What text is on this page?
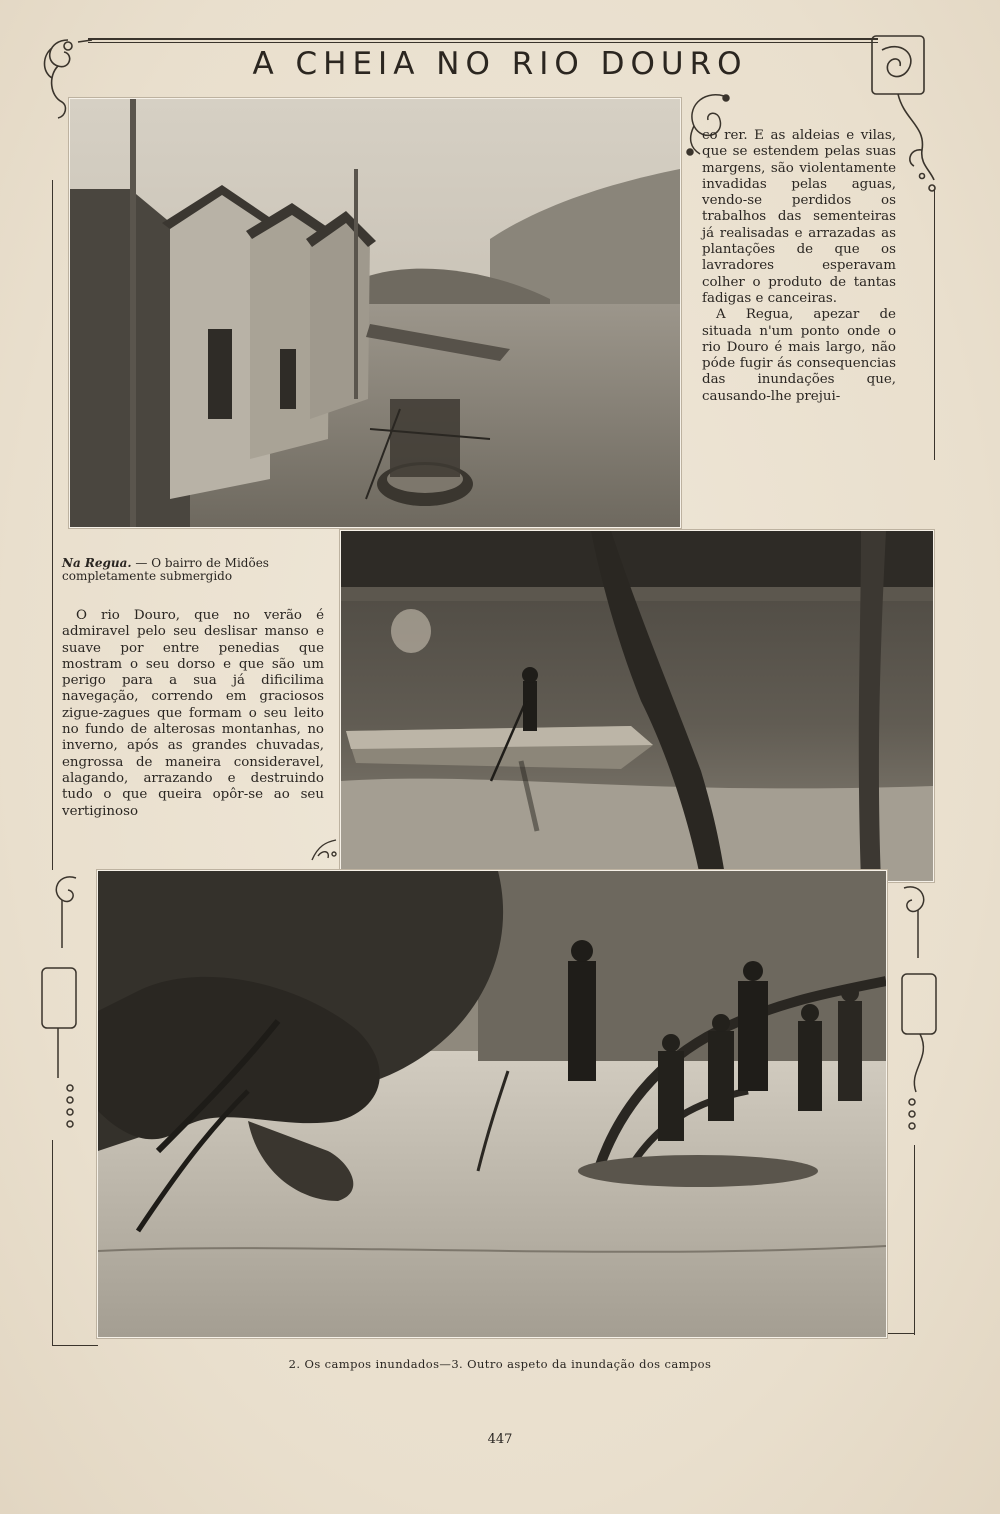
A CHEIA NO RIO DOURO

co rer. E as aldeias e vilas, que se estendem pelas suas margens, são violentamente invadidas pelas aguas, vendo-se perdidos os trabalhos das sementeiras já realisadas e arrazadas as plantações de que os lavradores esperavam colher o produto de tantas fadigas e canceiras.

A Regua, apezar de situada n'um ponto onde o rio Douro é mais largo, não póde fugir ás consequencias das inundações que, causando-lhe prejui-

Na Regua. — O bairro de Midões completamente submergido

O rio Douro, que no verão é admiravel pelo seu deslisar manso e suave por entre penedias que mostram o seu dorso e que são um perigo para a sua já dificilima navegação, correndo em graciosos zigue-zagues que formam o seu leito no fundo de alterosas montanhas, no inverno, após as grandes chuvadas, engrossa de maneira consideravel, alagando, arrazando e destruindo tudo o que queira opôr-se ao seu vertiginoso

2. Os campos inundados—3. Outro aspeto da inundação dos campos
447
